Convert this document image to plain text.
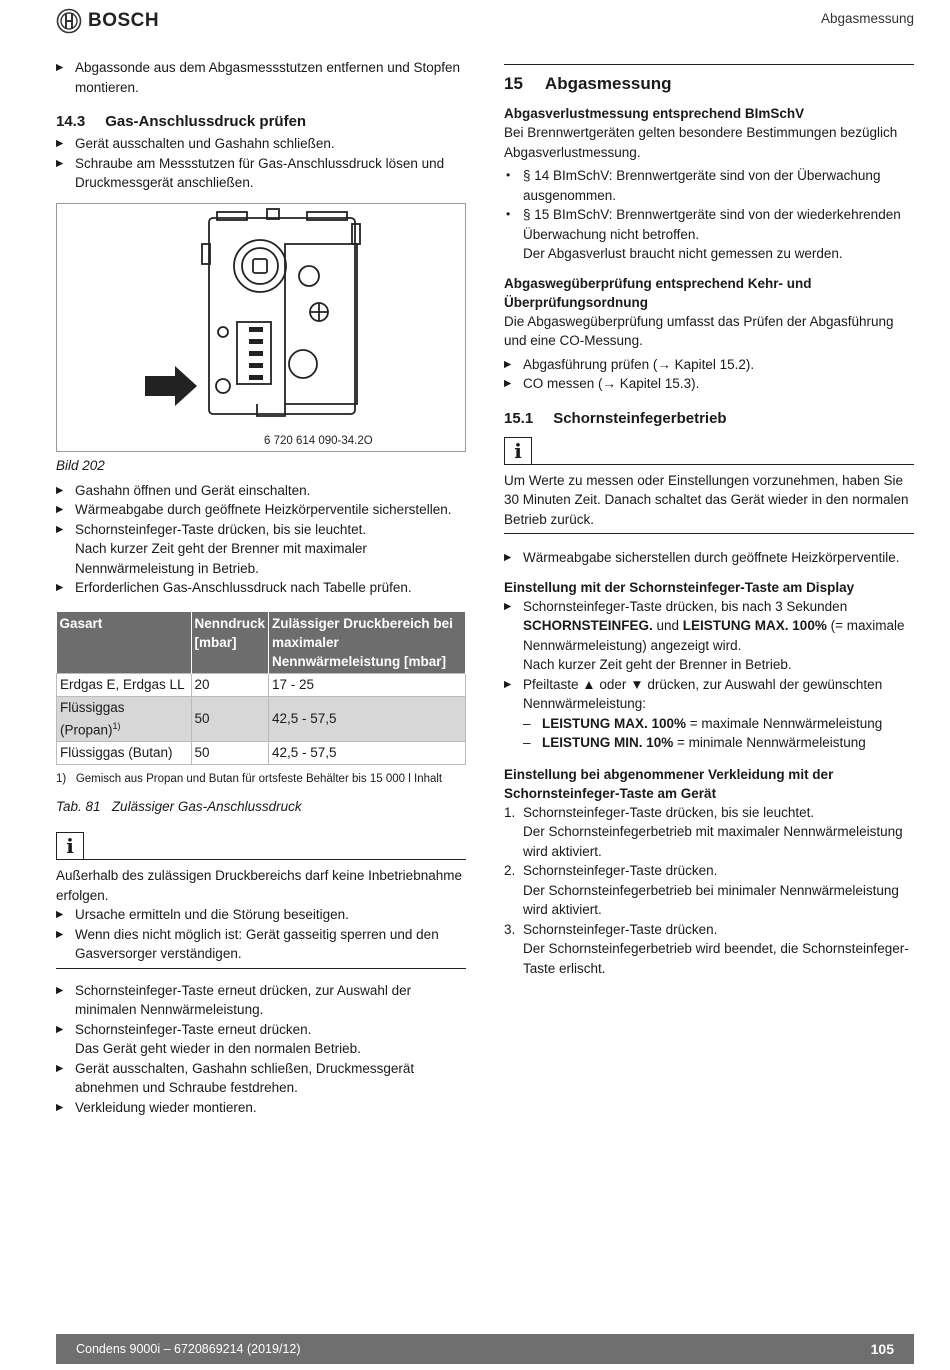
BOSCH	Abgasmessung
▶ Abgassonde aus dem Abgasmessstutzen entfernen und Stopfen montieren.
14.3 Gas-Anschlussdruck prüfen
▶ Gerät ausschalten und Gashahn schließen.
▶ Schraube am Messstutzen für Gas-Anschlussdruck lösen und Druckmessgerät anschließen.
6 720 614 090-34.2O
Bild 202
▶ Gashahn öffnen und Gerät einschalten.
▶ Wärmeabgabe durch geöffnete Heizkörperventile sicherstellen.
▶ Schornsteinfeger-Taste drücken, bis sie leuchtet.
Nach kurzer Zeit geht der Brenner mit maximaler Nennwärmeleistung in Betrieb.
▶ Erforderlichen Gas-Anschlussdruck nach Tabelle prüfen.
Gasart	Nenndruck [mbar]	Zulässiger Druckbereich bei maximaler Nennwärmeleistung [mbar]
Erdgas E, Erdgas LL	20	17 - 25
Flüssiggas (Propan)$^{1)}$	50	42,5 - 57,5
Flüssiggas (Butan)	50	42,5 - 57,5
1) Gemisch aus Propan und Butan für ortsfeste Behälter bis 15 000 l Inhalt
Tab. 81 Zulässiger Gas-Anschlussdruck
i
Außerhalb des zulässigen Druckbereichs darf keine Inbetriebnahme erfolgen.
▶ Ursache ermitteln und die Störung beseitigen.
▶ Wenn dies nicht möglich ist: Gerät gasseitig sperren und den Gasversorger verständigen.
▶ Schornsteinfeger-Taste erneut drücken, zur Auswahl der minimalen Nennwärmeleistung.
▶ Schornsteinfeger-Taste erneut drücken.
Das Gerät geht wieder in den normalen Betrieb.
▶ Gerät ausschalten, Gashahn schließen, Druckmessgerät abnehmen und Schraube festdrehen.
▶ Verkleidung wieder montieren.
15 Abgasmessung
Abgasverlustmessung entsprechend BImSchV
Bei Brennwertgeräten gelten besondere Bestimmungen bezüglich Abgasverlustmessung.
• § 14 BImSchV: Brennwertgeräte sind von der Überwachung ausgenommen.
• § 15 BImSchV: Brennwertgeräte sind von der wiederkehrenden Überwachung nicht betroffen.
Der Abgasverlust braucht nicht gemessen zu werden.
Abgaswegüberprüfung entsprechend Kehr- und Überprüfungsordnung
Die Abgaswegüberprüfung umfasst das Prüfen der Abgasführung und eine CO-Messung.
▶ Abgasführung prüfen (→ Kapitel 15.2).
▶ CO messen (→ Kapitel 15.3).
15.1 Schornsteinfegerbetrieb
i
Um Werte zu messen oder Einstellungen vorzunehmen, haben Sie 30 Minuten Zeit. Danach schaltet das Gerät wieder in den normalen Betrieb zurück.
▶ Wärmeabgabe sicherstellen durch geöffnete Heizkörperventile.
Einstellung mit der Schornsteinfeger-Taste am Display
▶ Schornsteinfeger-Taste drücken, bis nach 3 Sekunden SCHORNSTEINFEG. und LEISTUNG MAX. 100% (= maximale Nennwärmeleistung) angezeigt wird.
Nach kurzer Zeit geht der Brenner in Betrieb.
▶ Pfeiltaste ▲ oder ▼ drücken, zur Auswahl der gewünschten Nennwärmeleistung:
– LEISTUNG MAX. 100% = maximale Nennwärmeleistung
– LEISTUNG MIN. 10% = minimale Nennwärmeleistung
Einstellung bei abgenommener Verkleidung mit der Schornsteinfeger-Taste am Gerät
1. Schornsteinfeger-Taste drücken, bis sie leuchtet.
Der Schornsteinfegerbetrieb mit maximaler Nennwärmeleistung wird aktiviert.
2. Schornsteinfeger-Taste drücken.
Der Schornsteinfegerbetrieb bei minimaler Nennwärmeleistung wird aktiviert.
3. Schornsteinfeger-Taste drücken.
Der Schornsteinfegerbetrieb wird beendet, die Schornsteinfeger-Taste erlischt.
Condens 9000i – 6720869214 (2019/12)	105
